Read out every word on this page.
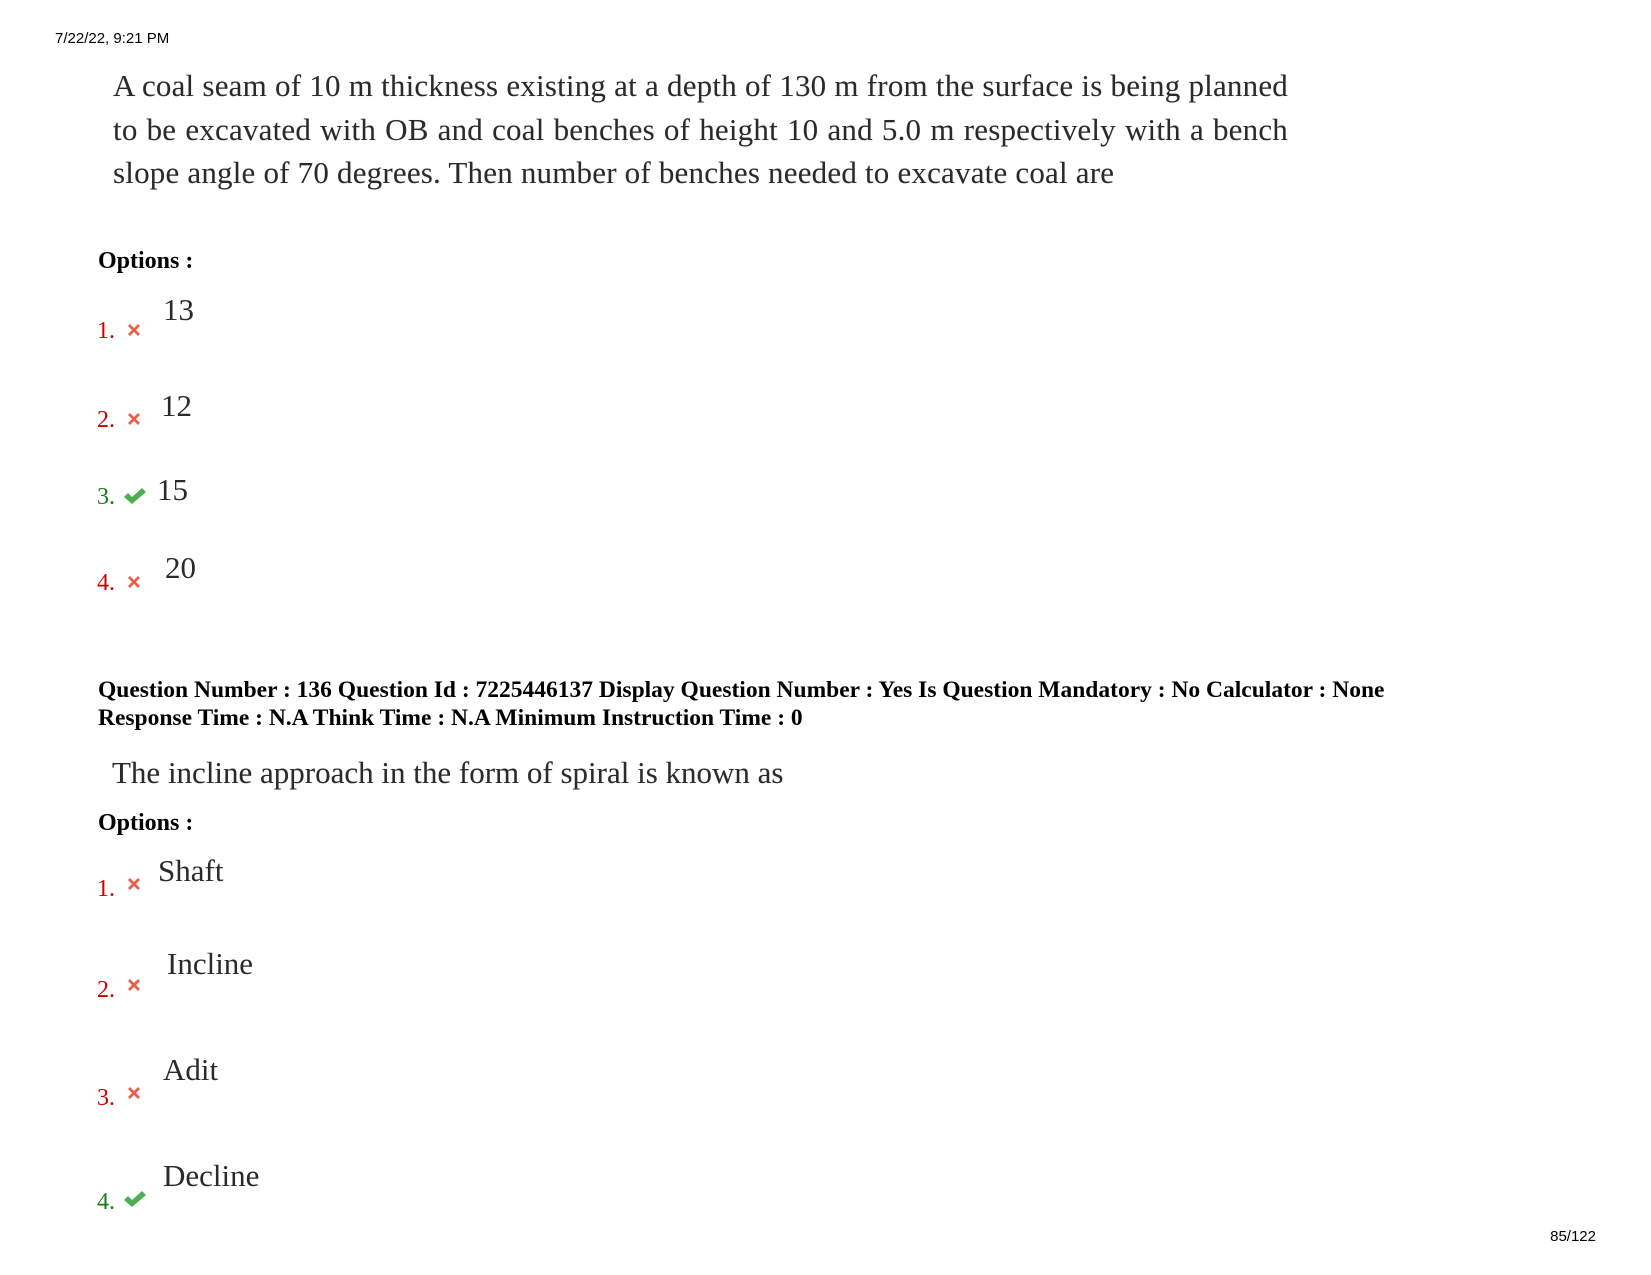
7/22/22, 9:21 PM
A coal seam of 10 m thickness existing at a depth of 130 m from the surface is being planned to be excavated with OB and coal benches of height 10 and 5.0 m respectively with a bench slope angle of 70 degrees. Then number of benches needed to excavate coal are
Options :
1.
13
2. 12
3. 15
4. 20
Question Number : 136 Question Id : 7225446137 Display Question Number : Yes Is Question Mandatory : No Calculator : None
Response Time : N.A Think Time : N.A Minimum Instruction Time : 0
The incline approach in the form of spiral is known as
Options :
1.
Shaft
2.
Incline
3.
Adit
4.
Decline
85/122
